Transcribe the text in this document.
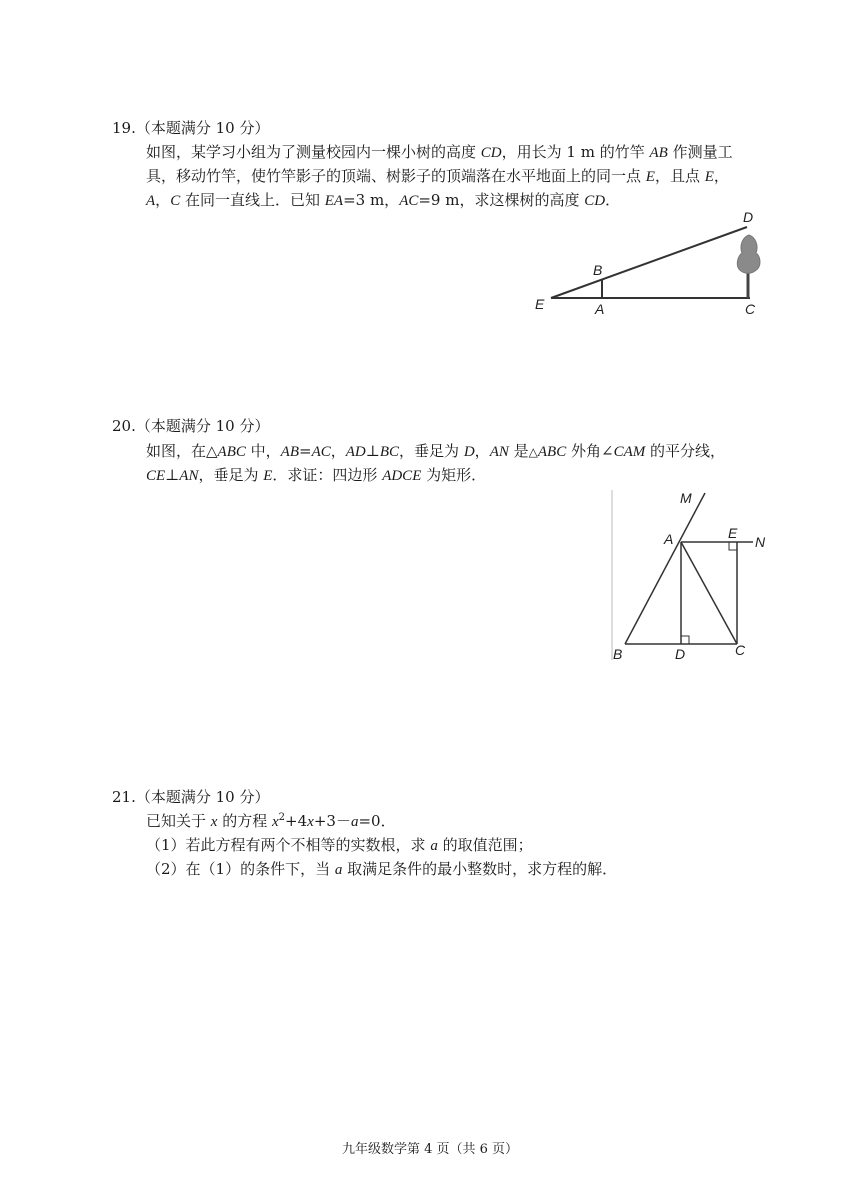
19.（本题满分 10 分）
如图，某学习小组为了测量校园内一棵小树的高度 CD，用长为 1 m 的竹竿 AB 作测量工
具，移动竹竿，使竹竿影子的顶端、树影子的顶端落在水平地面上的同一点 E，且点 E，
A，C 在同一直线上．已知 EA=3 m，AC=9 m，求这棵树的高度 CD．
D
B
E	A	C
20.（本题满分 10 分）
如图，在△ABC 中，AB=AC，AD⊥BC，垂足为 D，AN 是△ABC 外角∠CAM 的平分线，
CE⊥AN，垂足为 E．求证：四边形 ADCE 为矩形．
M
A	E
N
B	D	C
21.（本题满分 10 分）
已知关于 x 的方程 $x^2+4x+3-a=0$．
（1）若此方程有两个不相等的实数根，求 a 的取值范围；
（2）在（1）的条件下，当 a 取满足条件的最小整数时，求方程的解．
九年级数学第 4 页（共 6 页）
